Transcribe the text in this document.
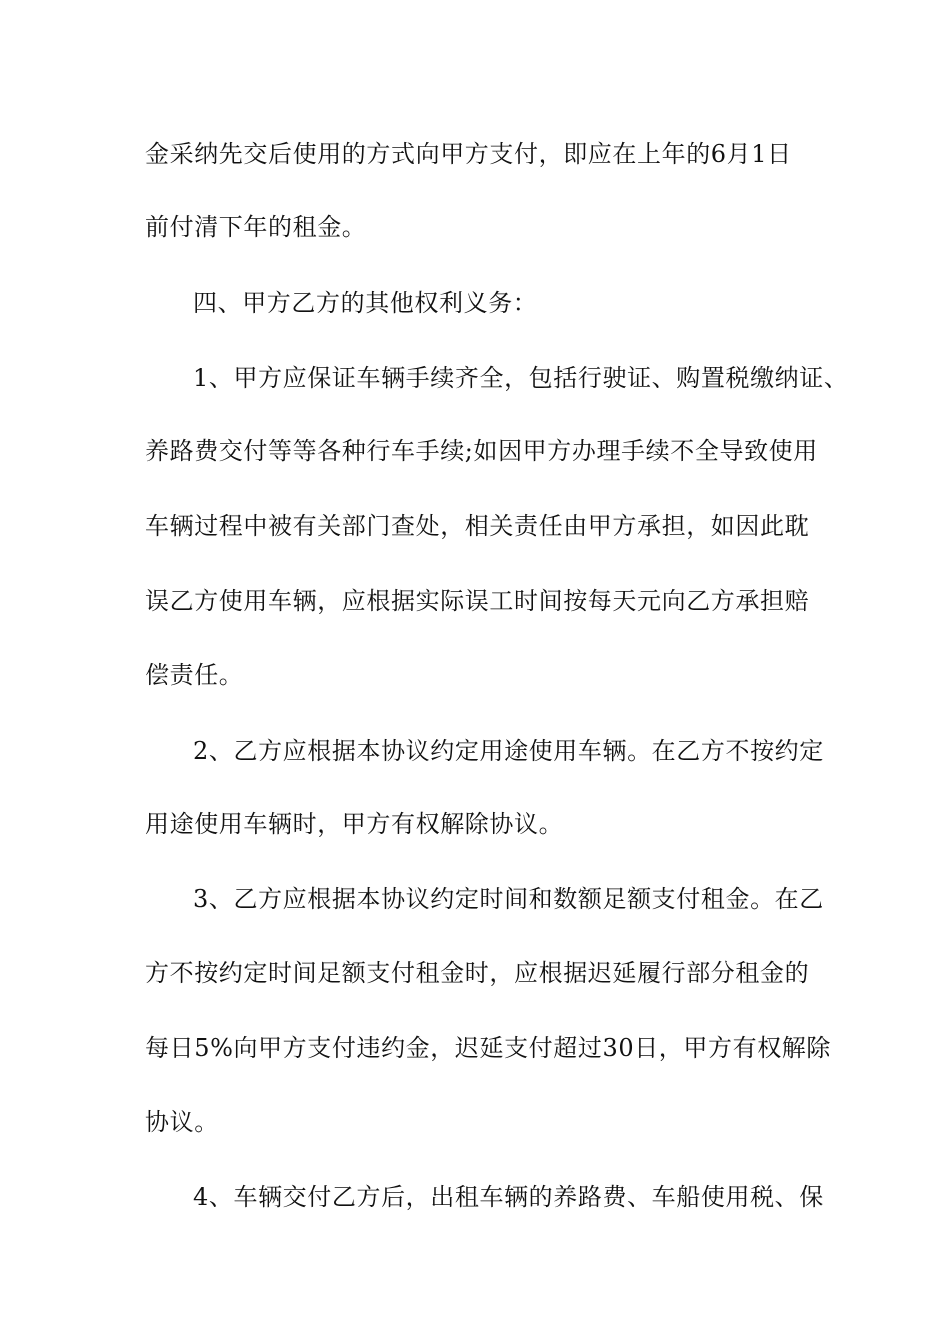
金采纳先交后使用的方式向甲方支付，即应在上年的6月1日
前付清下年的租金。
四、甲方乙方的其他权利义务：
1、甲方应保证车辆手续齐全，包括行驶证、购置税缴纳证、
养路费交付等等各种行车手续;如因甲方办理手续不全导致使用
车辆过程中被有关部门查处，相关责任由甲方承担，如因此耽
误乙方使用车辆，应根据实际误工时间按每天元向乙方承担赔
偿责任。
2、乙方应根据本协议约定用途使用车辆。在乙方不按约定
用途使用车辆时，甲方有权解除协议。
3、乙方应根据本协议约定时间和数额足额支付租金。在乙
方不按约定时间足额支付租金时，应根据迟延履行部分租金的
每日5%向甲方支付违约金，迟延支付超过30日，甲方有权解除
协议。
4、车辆交付乙方后，出租车辆的养路费、车船使用税、保
